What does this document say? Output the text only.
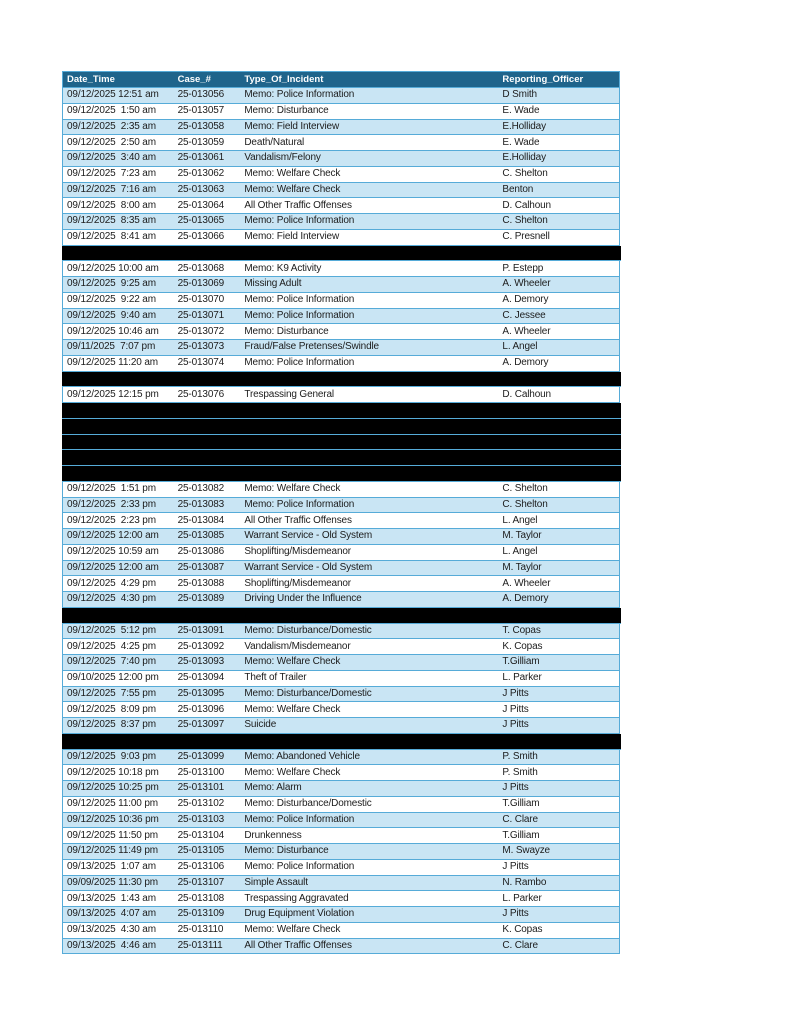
Date_Time	Case_#	Type_Of_Incident	Reporting_Officer
09/12/2025 12:51 am	25-013056	Memo: Police Information	D Smith
09/12/2025  1:50 am	25-013057	Memo: Disturbance	E. Wade
09/12/2025  2:35 am	25-013058	Memo: Field Interview	E.Holliday
09/12/2025  2:50 am	25-013059	Death/Natural	E. Wade
09/12/2025  3:40 am	25-013061	Vandalism/Felony	E.Holliday
09/12/2025  7:23 am	25-013062	Memo: Welfare Check	C. Shelton
09/12/2025  7:16 am	25-013063	Memo: Welfare Check	Benton
09/12/2025  8:00 am	25-013064	All Other Traffic Offenses	D. Calhoun
09/12/2025  8:35 am	25-013065	Memo: Police Information	C. Shelton
09/12/2025  8:41 am	25-013066	Memo: Field Interview	C. Presnell
09/12/2025 10:00 am	25-013068	Memo: K9 Activity	P. Estepp
09/12/2025  9:25 am	25-013069	Missing Adult	A. Wheeler
09/12/2025  9:22 am	25-013070	Memo: Police Information	A. Demory
09/12/2025  9:40 am	25-013071	Memo: Police Information	C. Jessee
09/12/2025 10:46 am	25-013072	Memo: Disturbance	A. Wheeler
09/11/2025  7:07 pm	25-013073	Fraud/False Pretenses/Swindle	L. Angel
09/12/2025 11:20 am	25-013074	Memo: Police Information	A. Demory
09/12/2025 12:15 pm	25-013076	Trespassing General	D. Calhoun
09/12/2025  1:51 pm	25-013082	Memo: Welfare Check	C. Shelton
09/12/2025  2:33 pm	25-013083	Memo: Police Information	C. Shelton
09/12/2025  2:23 pm	25-013084	All Other Traffic Offenses	L. Angel
09/12/2025 12:00 am	25-013085	Warrant Service - Old System	M. Taylor
09/12/2025 10:59 am	25-013086	Shoplifting/Misdemeanor	L. Angel
09/12/2025 12:00 am	25-013087	Warrant Service - Old System	M. Taylor
09/12/2025  4:29 pm	25-013088	Shoplifting/Misdemeanor	A. Wheeler
09/12/2025  4:30 pm	25-013089	Driving Under the Influence	A. Demory
09/12/2025  5:12 pm	25-013091	Memo: Disturbance/Domestic	T. Copas
09/12/2025  4:25 pm	25-013092	Vandalism/Misdemeanor	K. Copas
09/12/2025  7:40 pm	25-013093	Memo: Welfare Check	T.Gilliam
09/10/2025 12:00 pm	25-013094	Theft of Trailer	L. Parker
09/12/2025  7:55 pm	25-013095	Memo: Disturbance/Domestic	J Pitts
09/12/2025  8:09 pm	25-013096	Memo: Welfare Check	J Pitts
09/12/2025  8:37 pm	25-013097	Suicide	J Pitts
09/12/2025  9:03 pm	25-013099	Memo: Abandoned Vehicle	P. Smith
09/12/2025 10:18 pm	25-013100	Memo: Welfare Check	P. Smith
09/12/2025 10:25 pm	25-013101	Memo: Alarm	J Pitts
09/12/2025 11:00 pm	25-013102	Memo: Disturbance/Domestic	T.Gilliam
09/12/2025 10:36 pm	25-013103	Memo: Police Information	C. Clare
09/12/2025 11:50 pm	25-013104	Drunkenness	T.Gilliam
09/12/2025 11:49 pm	25-013105	Memo: Disturbance	M. Swayze
09/13/2025  1:07 am	25-013106	Memo: Police Information	J Pitts
09/09/2025 11:30 pm	25-013107	Simple Assault	N. Rambo
09/13/2025  1:43 am	25-013108	Trespassing Aggravated	L. Parker
09/13/2025  4:07 am	25-013109	Drug Equipment Violation	J Pitts
09/13/2025  4:30 am	25-013110	Memo: Welfare Check	K. Copas
09/13/2025  4:46 am	25-013111	All Other Traffic Offenses	C. Clare
